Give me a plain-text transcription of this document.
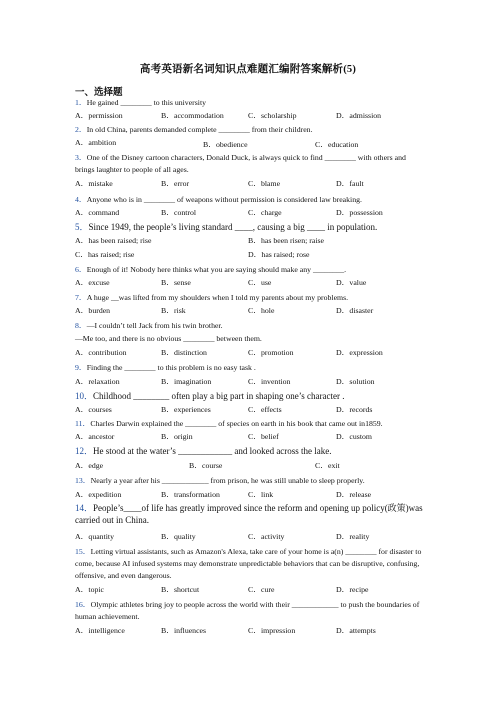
高考英语新名词知识点难题汇编附答案解析(5)
一、选择题
1．He gained ________ to this university
A．permission	B．accommodation	C．scholarship	D．admission
2．In old China, parents demanded complete ________ from their children.
A．ambition	B．obedience	C．education
3．One of the Disney cartoon characters, Donald Duck, is always quick to find ________ with others and brings laughter to people of all ages.
A．mistake	B．error	C．blame	D．fault
4．Anyone who is in ________ of weapons without permission is considered law breaking.
A．command	B．control	C．charge	D．possession
5．Since 1949, the people’s living standard ____, causing a big ____ in population.
A．has been raised; rise	B．has been risen; raise
C．has raised; rise	D．has raised; rose
6．Enough of it! Nobody here thinks what you are saying should make any ________.
A．excuse	B．sense	C．use	D．value
7．A huge __was lifted from my shoulders when I told my parents about my problems.
A．burden	B．risk	C．hole	D．disaster
8．—I couldn’t tell Jack from his twin brother.
—Me too, and there is no obvious ________ between them.
A．contribution	B．distinction	C．promotion	D．expression
9．Finding the ________ to this problem is no easy task .
A．relaxation	B．imagination	C．invention	D．solution
10．Childhood ________ often play a big part in shaping one’s character .
A．courses	B．experiences	C．effects	D．records
11．Charles Darwin explained the ________ of species on earth in his book that came out in1859.
A．ancestor	B．origin	C．belief	D．custom
12．He stood at the water’s ____________ and looked across the lake.
A．edge	B．course	C．exit
13．Nearly a year after his ____________ from prison, he was still unable to sleep properly.
A．expedition	B．transformation	C．link	D．release
14．People’s____of life has greatly improved since the reform and opening up policy(政策)was carried out in China.
A．quantity	B．quality	C．activity	D．reality
15．Letting virtual assistants, such as Amazon's Alexa, take care of your home is a(n) ________ for disaster to come, because AI infused systems may demonstrate unpredictable behaviors that can be disruptive, confusing, offensive, and even dangerous.
A．topic	B．shortcut	C．cure	D．recipe
16．Olympic athletes bring joy to people across the world with their ____________ to push the boundaries of human achievement.
A．intelligence	B．influences	C．impression	D．attempts
